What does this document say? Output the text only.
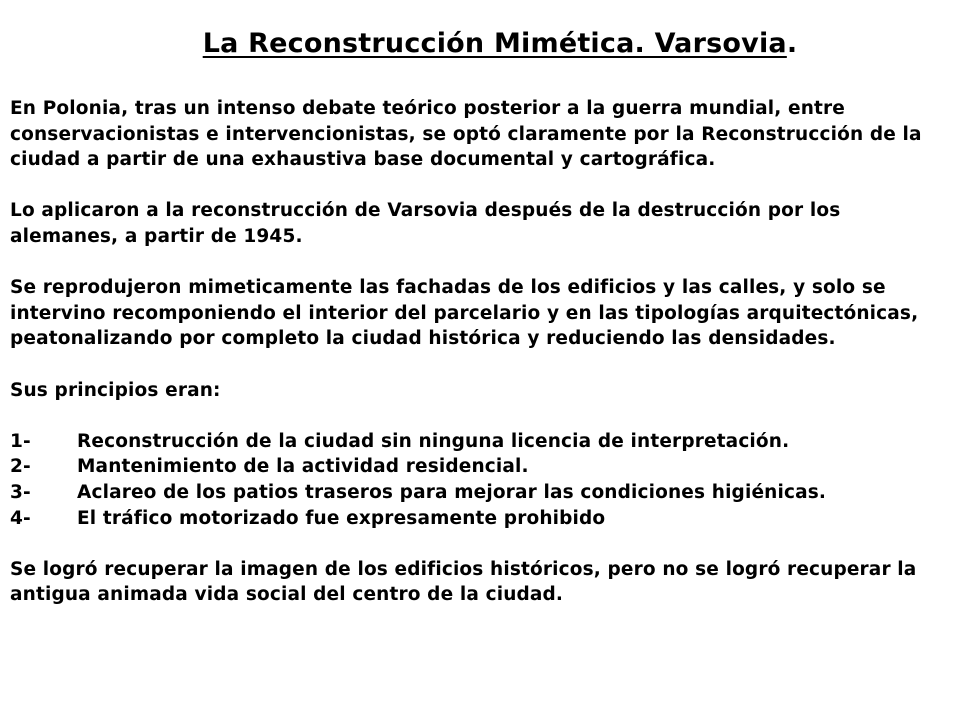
La Reconstrucción Mimética. Varsovia.

En Polonia, tras un intenso debate teórico posterior a la guerra mundial, entre conservacionistas e intervencionistas, se optó claramente por la Reconstrucción de la ciudad a partir de una exhaustiva base documental y cartográfica.

Lo aplicaron a la reconstrucción de Varsovia después de la destrucción por los alemanes, a partir de 1945.

Se reprodujeron mimeticamente las fachadas de los edificios y las calles, y solo se intervino recomponiendo el interior del parcelario y en las tipologías arquitectónicas, peatonalizando por completo la ciudad histórica y reduciendo las densidades.

Sus principios eran:

1-	Reconstrucción de la ciudad sin ninguna licencia de interpretación.
2-	Mantenimiento de la actividad residencial.
3-	Aclareo de los patios traseros para mejorar las condiciones higiénicas.
4-	El tráfico motorizado fue expresamente prohibido

Se logró recuperar la imagen de los edificios históricos, pero no se logró recuperar la antigua animada vida social del centro de la ciudad.
